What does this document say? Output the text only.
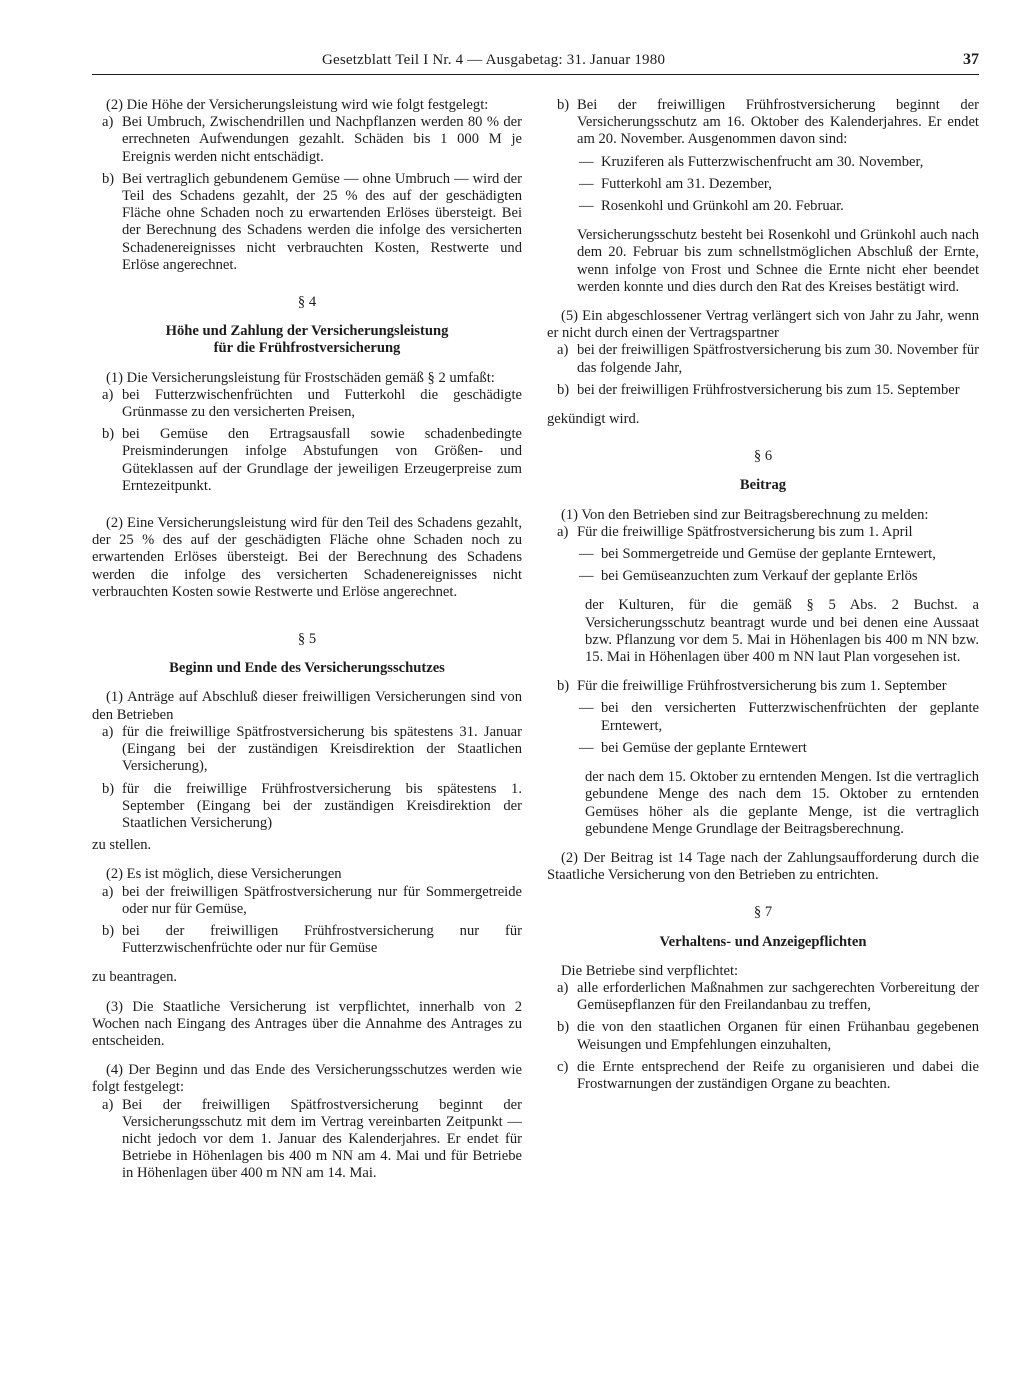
Gesetzblatt Teil I Nr. 4 — Ausgabetag: 31. Januar 1980	37

(2) Die Höhe der Versicherungsleistung wird wie folgt festgelegt:

a) Bei Umbruch, Zwischendrillen und Nachpflanzen werden 80 % der errechneten Aufwendungen gezahlt. Schäden bis 1 000 M je Ereignis werden nicht entschädigt.

b) Bei vertraglich gebundenem Gemüse — ohne Umbruch — wird der Teil des Schadens gezahlt, der 25 % des auf der geschädigten Fläche ohne Schaden noch zu erwartenden Erlöses übersteigt. Bei der Berechnung des Schadens werden die infolge des versicherten Schadenereignisses nicht verbrauchten Kosten, Restwerte und Erlöse angerechnet.

§ 4

Höhe und Zahlung der Versicherungsleistung

für die Frühfrostversicherung

(1) Die Versicherungsleistung für Frostschäden gemäß § 2 umfaßt:

a) bei Futterzwischenfrüchten und Futterkohl die geschädigte Grünmasse zu den versicherten Preisen,

b) bei Gemüse den Ertragsausfall sowie schadenbedingte Preisminderungen infolge Abstufungen von Größen- und Güteklassen auf der Grundlage der jeweiligen Erzeugerpreise zum Erntezeitpunkt.

(2) Eine Versicherungsleistung wird für den Teil des Schadens gezahlt, der 25 % des auf der geschädigten Fläche ohne Schaden noch zu erwartenden Erlöses übersteigt. Bei der Berechnung des Schadens werden die infolge des versicherten Schadenereignisses nicht verbrauchten Kosten sowie Restwerte und Erlöse angerechnet.

§ 5

Beginn und Ende des Versicherungsschutzes

(1) Anträge auf Abschluß dieser freiwilligen Versicherungen sind von den Betrieben

a) für die freiwillige Spätfrostversicherung bis spätestens 31. Januar (Eingang bei der zuständigen Kreisdirektion der Staatlichen Versicherung),

b) für die freiwillige Frühfrostversicherung bis spätestens 1. September (Eingang bei der zuständigen Kreisdirektion der Staatlichen Versicherung)

zu stellen.

(2) Es ist möglich, diese Versicherungen

a) bei der freiwilligen Spätfrostversicherung nur für Sommergetreide oder nur für Gemüse,

b) bei der freiwilligen Frühfrostversicherung nur für Futterzwischenfrüchte oder nur für Gemüse

zu beantragen.

(3) Die Staatliche Versicherung ist verpflichtet, innerhalb von 2 Wochen nach Eingang des Antrages über die Annahme des Antrages zu entscheiden.

(4) Der Beginn und das Ende des Versicherungsschutzes werden wie folgt festgelegt:

a) Bei der freiwilligen Spätfrostversicherung beginnt der Versicherungsschutz mit dem im Vertrag vereinbarten Zeitpunkt — nicht jedoch vor dem 1. Januar des Kalenderjahres. Er endet für Betriebe in Höhenlagen bis 400 m NN am 4. Mai und für Betriebe in Höhenlagen über 400 m NN am 14. Mai.

b) Bei der freiwilligen Frühfrostversicherung beginnt der Versicherungsschutz am 16. Oktober des Kalenderjahres. Er endet am 20. November. Ausgenommen davon sind:

— Kruziferen als Futterzwischenfrucht am 30. November,

— Futterkohl am 31. Dezember,

— Rosenkohl und Grünkohl am 20. Februar.

Versicherungsschutz besteht bei Rosenkohl und Grünkohl auch nach dem 20. Februar bis zum schnellstmöglichen Abschluß der Ernte, wenn infolge von Frost und Schnee die Ernte nicht eher beendet werden konnte und dies durch den Rat des Kreises bestätigt wird.

(5) Ein abgeschlossener Vertrag verlängert sich von Jahr zu Jahr, wenn er nicht durch einen der Vertragspartner

a) bei der freiwilligen Spätfrostversicherung bis zum 30. November für das folgende Jahr,

b) bei der freiwilligen Frühfrostversicherung bis zum 15. September

gekündigt wird.

§ 6

Beitrag

(1) Von den Betrieben sind zur Beitragsberechnung zu melden:

a) Für die freiwillige Spätfrostversicherung bis zum 1. April

— bei Sommergetreide und Gemüse der geplante Erntewert,

— bei Gemüseanzuchten zum Verkauf der geplante Erlös

der Kulturen, für die gemäß § 5 Abs. 2 Buchst. a Versicherungsschutz beantragt wurde und bei denen eine Aussaat bzw. Pflanzung vor dem 5. Mai in Höhenlagen bis 400 m NN bzw. 15. Mai in Höhenlagen über 400 m NN laut Plan vorgesehen ist.

b) Für die freiwillige Frühfrostversicherung bis zum 1. September

— bei den versicherten Futterzwischenfrüchten der geplante Erntewert,

— bei Gemüse der geplante Erntewert

der nach dem 15. Oktober zu erntenden Mengen. Ist die vertraglich gebundene Menge des nach dem 15. Oktober zu erntenden Gemüses höher als die geplante Menge, ist die vertraglich gebundene Menge Grundlage der Beitragsberechnung.

(2) Der Beitrag ist 14 Tage nach der Zahlungsaufforderung durch die Staatliche Versicherung von den Betrieben zu entrichten.

§ 7

Verhaltens- und Anzeigepflichten

Die Betriebe sind verpflichtet:

a) alle erforderlichen Maßnahmen zur sachgerechten Vorbereitung der Gemüsepflanzen für den Freilandanbau zu treffen,

b) die von den staatlichen Organen für einen Frühanbau gegebenen Weisungen und Empfehlungen einzuhalten,

c) die Ernte entsprechend der Reife zu organisieren und dabei die Frostwarnungen der zuständigen Organe zu beachten.
